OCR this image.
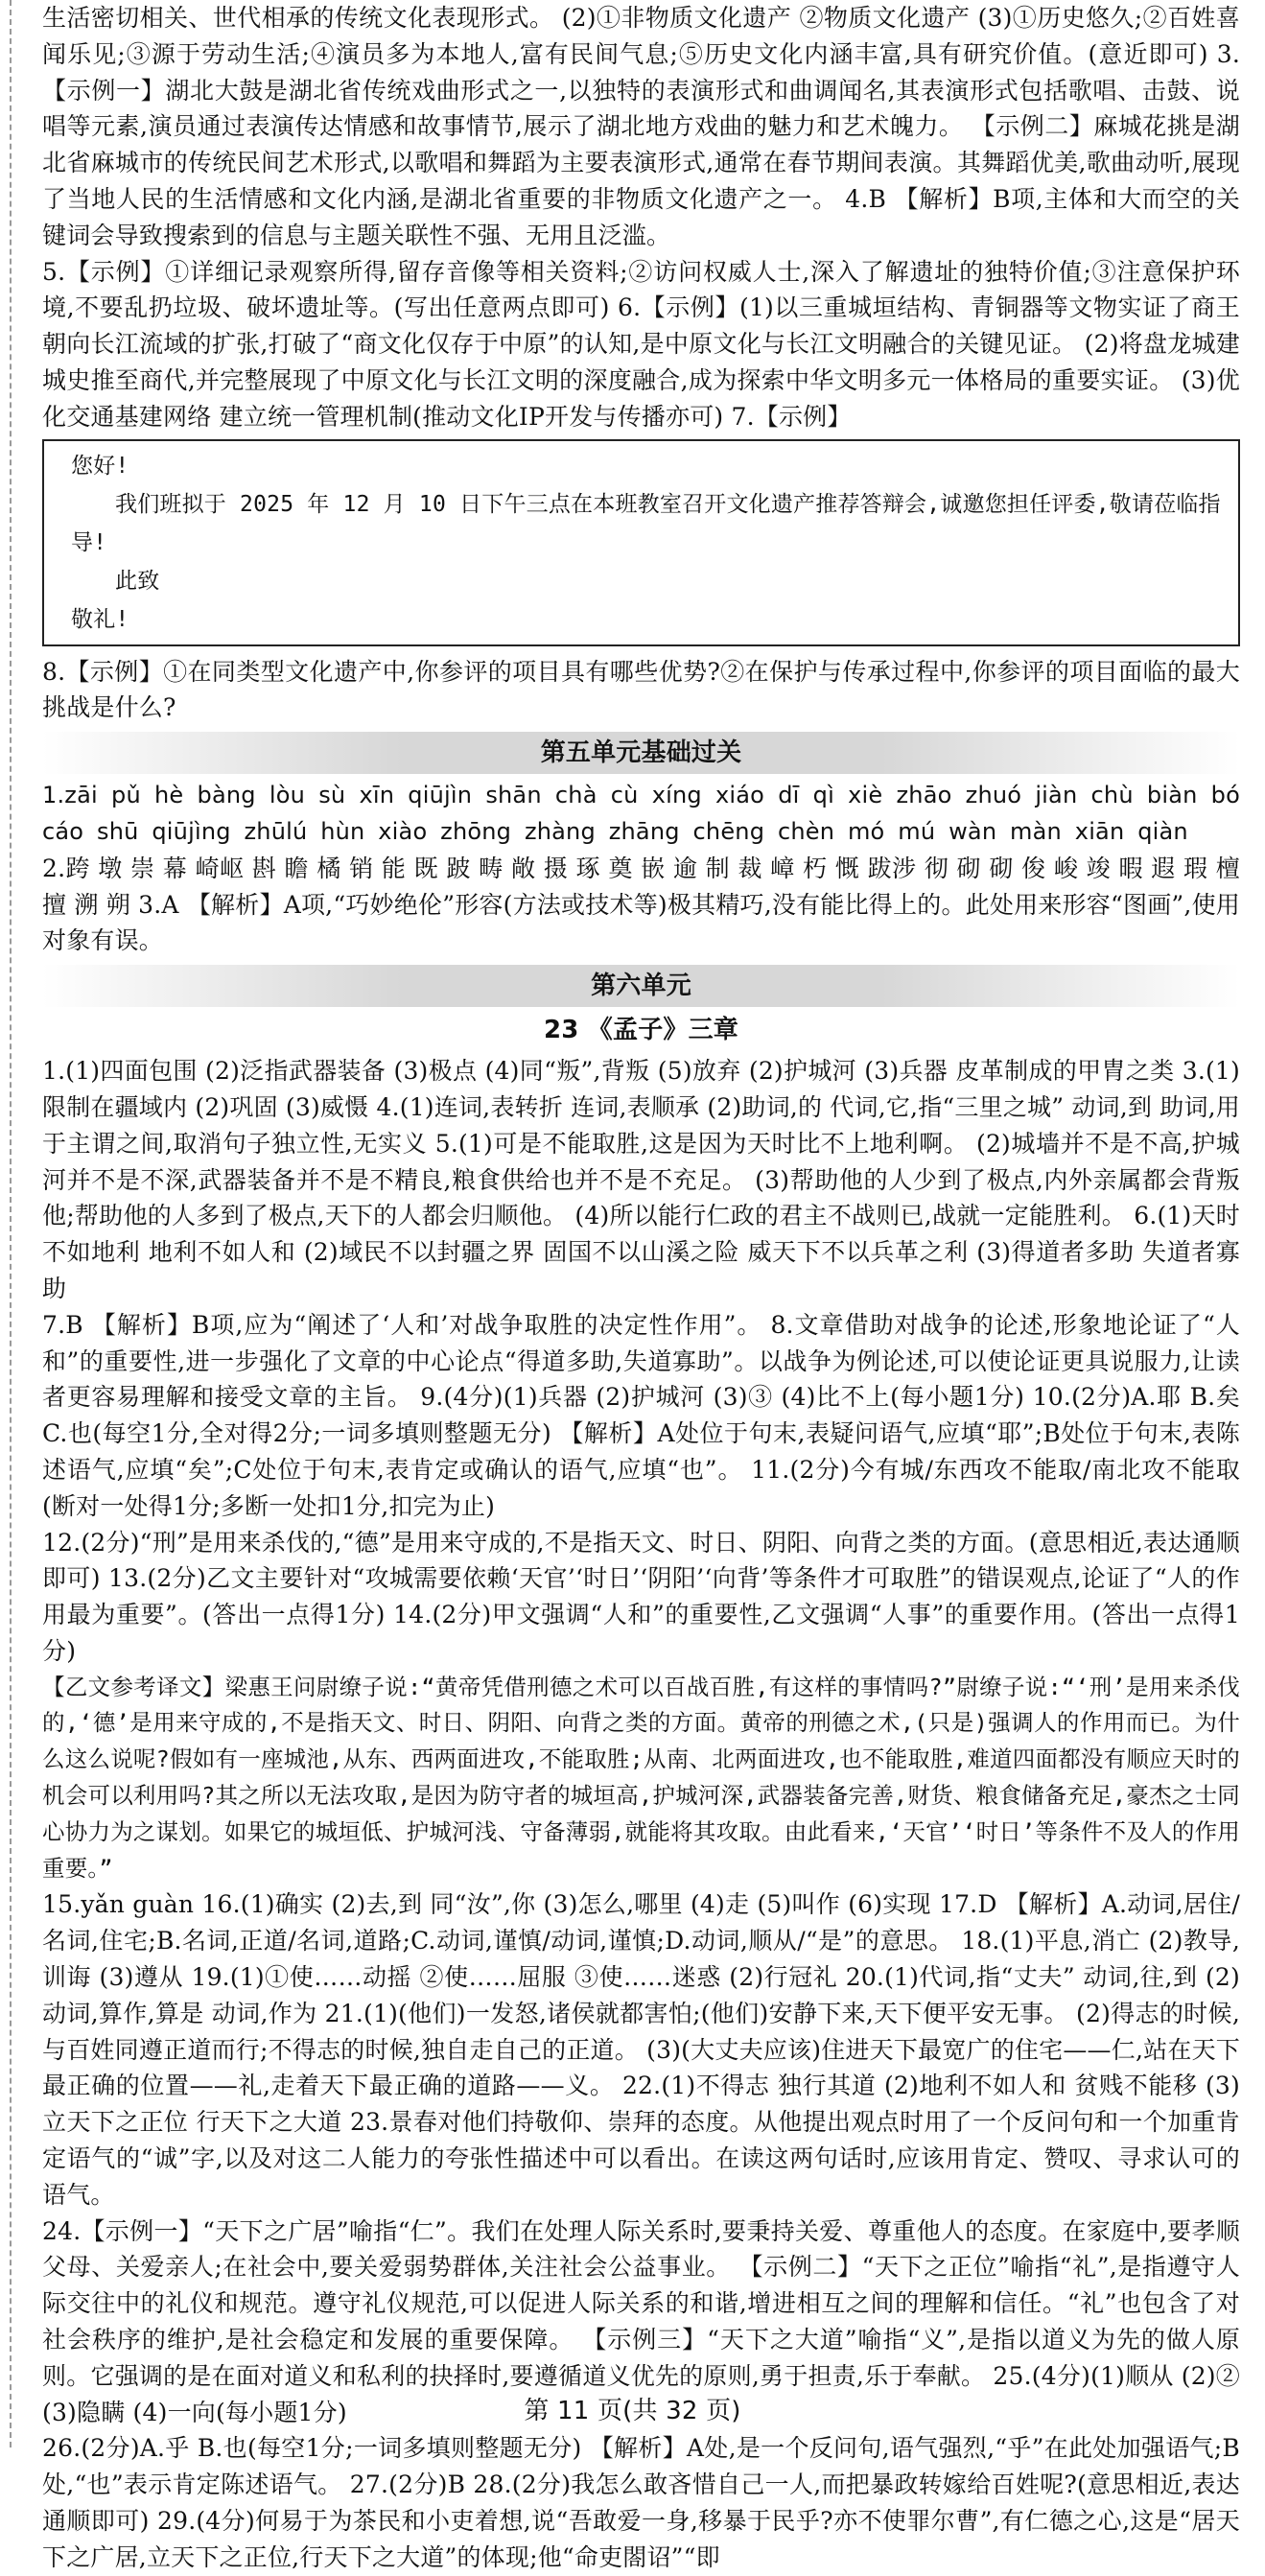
生活密切相关、世代相承的传统文化表现形式。 (2)①非物质文化遗产 ②物质文化遗产 (3)①历史悠久;②百姓喜闻乐见;③源于劳动生活;④演员多为本地人,富有民间气息;⑤历史文化内涵丰富,具有研究价值。(意近即可) 3.【示例一】湖北大鼓是湖北省传统戏曲形式之一,以独特的表演形式和曲调闻名,其表演形式包括歌唱、击鼓、说唱等元素,演员通过表演传达情感和故事情节,展示了湖北地方戏曲的魅力和艺术魄力。 【示例二】麻城花挑是湖北省麻城市的传统民间艺术形式,以歌唱和舞蹈为主要表演形式,通常在春节期间表演。其舞蹈优美,歌曲动听,展现了当地人民的生活情感和文化内涵,是湖北省重要的非物质文化遗产之一。 4.B 【解析】B项,主体和大而空的关键词会导致搜索到的信息与主题关联性不强、无用且泛滥。

5.【示例】①详细记录观察所得,留存音像等相关资料;②访问权威人士,深入了解遗址的独特价值;③注意保护环境,不要乱扔垃圾、破坏遗址等。(写出任意两点即可) 6.【示例】(1)以三重城垣结构、青铜器等文物实证了商王朝向长江流域的扩张,打破了“商文化仅存于中原”的认知,是中原文化与长江文明融合的关键见证。 (2)将盘龙城建城史推至商代,并完整展现了中原文化与长江文明的深度融合,成为探索中华文明多元一体格局的重要实证。 (3)优化交通基建网络 建立统一管理机制(推动文化IP开发与传播亦可) 7.【示例】

您好!
我们班拟于 2025 年 12 月 10 日下午三点在本班教室召开文化遗产推荐答辩会,诚邀您担任评委,敬请莅临指导!
此致
敬礼!

8.【示例】①在同类型文化遗产中,你参评的项目具有哪些优势?②在保护与传承过程中,你参评的项目面临的最大挑战是什么?

第五单元基础过关

1.zāi pǔ hè bàng lòu sù xīn qiūjìn shān chà cù xíng xiáo dī qì xiè zhāo zhuó jiàn chù biàn bó cáo shū qiūjìng zhūlú hùn xiào zhōng zhàng zhāng chēng chèn mó mú wàn màn xiān qiàn

2.跨 墩 崇 幕 崎岖 斟 瞻 橘 销 能 既 跛 畴 敞 摄 琢 奠 嵌 逾 制 裁 嶂 朽 慨 跋涉 彻 砌 砌 俊 峻 竣 暇 遐 瑕 檀 擅 溯 朔 3.A 【解析】A项,“巧妙绝伦”形容(方法或技术等)极其精巧,没有能比得上的。此处用来形容“图画”,使用对象有误。

第六单元
23 《孟子》三章

1.(1)四面包围 (2)泛指武器装备 (3)极点 (4)同“叛”,背叛 (5)放弃 (2)护城河 (3)兵器 皮革制成的甲胄之类 3.(1)限制在疆域内 (2)巩固 (3)威慑 4.(1)连词,表转折 连词,表顺承 (2)助词,的 代词,它,指“三里之城” 动词,到 助词,用于主谓之间,取消句子独立性,无实义 5.(1)可是不能取胜,这是因为天时比不上地利啊。 (2)城墙并不是不高,护城河并不是不深,武器装备并不是不精良,粮食供给也并不是不充足。 (3)帮助他的人少到了极点,内外亲属都会背叛他;帮助他的人多到了极点,天下的人都会归顺他。 (4)所以能行仁政的君主不战则已,战就一定能胜利。 6.(1)天时不如地利 地利不如人和 (2)域民不以封疆之界 固国不以山溪之险 威天下不以兵革之利 (3)得道者多助 失道者寡助

7.B 【解析】B项,应为“阐述了‘人和’对战争取胜的决定性作用”。 8.文章借助对战争的论述,形象地论证了“人和”的重要性,进一步强化了文章的中心论点“得道多助,失道寡助”。以战争为例论述,可以使论证更具说服力,让读者更容易理解和接受文章的主旨。 9.(4分)(1)兵器 (2)护城河 (3)③ (4)比不上(每小题1分) 10.(2分)A.耶 B.矣 C.也(每空1分,全对得2分;一词多填则整题无分) 【解析】A处位于句末,表疑问语气,应填“耶”;B处位于句末,表陈述语气,应填“矣”;C处位于句末,表肯定或确认的语气,应填“也”。 11.(2分)今有城/东西攻不能取/南北攻不能取(断对一处得1分;多断一处扣1分,扣完为止)

12.(2分)“刑”是用来杀伐的,“德”是用来守成的,不是指天文、时日、阴阳、向背之类的方面。(意思相近,表达通顺即可) 13.(2分)乙文主要针对“攻城需要依赖‘天官’‘时日’‘阴阳’‘向背’等条件才可取胜”的错误观点,论证了“人的作用最为重要”。(答出一点得1分) 14.(2分)甲文强调“人和”的重要性,乙文强调“人事”的重要作用。(答出一点得1分)

【乙文参考译文】梁惠王问尉缭子说:“黄帝凭借刑德之术可以百战百胜,有这样的事情吗?”尉缭子说:“‘刑’是用来杀伐的,‘德’是用来守成的,不是指天文、时日、阴阳、向背之类的方面。黄帝的刑德之术,(只是)强调人的作用而已。为什么这么说呢?假如有一座城池,从东、西两面进攻,不能取胜;从南、北两面进攻,也不能取胜,难道四面都没有顺应天时的机会可以利用吗?其之所以无法攻取,是因为防守者的城垣高,护城河深,武器装备完善,财货、粮食储备充足,豪杰之士同心协力为之谋划。如果它的城垣低、护城河浅、守备薄弱,就能将其攻取。由此看来,‘天官’‘时日’等条件不及人的作用重要。”

15.yǎn guàn 16.(1)确实 (2)去,到 同“汝”,你 (3)怎么,哪里 (4)走 (5)叫作 (6)实现 17.D 【解析】A.动词,居住/名词,住宅;B.名词,正道/名词,道路;C.动词,谨慎/动词,谨慎;D.动词,顺从/“是”的意思。 18.(1)平息,消亡 (2)教导,训诲 (3)遵从 19.(1)①使……动摇 ②使……屈服 ③使……迷惑 (2)行冠礼 20.(1)代词,指“丈夫” 动词,往,到 (2)动词,算作,算是 动词,作为 21.(1)(他们)一发怒,诸侯就都害怕;(他们)安静下来,天下便平安无事。 (2)得志的时候,与百姓同遵正道而行;不得志的时候,独自走自己的正道。 (3)(大丈夫应该)住进天下最宽广的住宅——仁,站在天下最正确的位置——礼,走着天下最正确的道路——义。 22.(1)不得志 独行其道 (2)地利不如人和 贫贱不能移 (3)立天下之正位 行天下之大道 23.景春对他们持敬仰、崇拜的态度。从他提出观点时用了一个反问句和一个加重肯定语气的“诚”字,以及对这二人能力的夸张性描述中可以看出。在读这两句话时,应该用肯定、赞叹、寻求认可的语气。

24.【示例一】“天下之广居”喻指“仁”。我们在处理人际关系时,要秉持关爱、尊重他人的态度。在家庭中,要孝顺父母、关爱亲人;在社会中,要关爱弱势群体,关注社会公益事业。 【示例二】“天下之正位”喻指“礼”,是指遵守人际交往中的礼仪和规范。遵守礼仪规范,可以促进人际关系的和谐,增进相互之间的理解和信任。“礼”也包含了对社会秩序的维护,是社会稳定和发展的重要保障。 【示例三】“天下之大道”喻指“义”,是指以道义为先的做人原则。它强调的是在面对道义和私利的抉择时,要遵循道义优先的原则,勇于担责,乐于奉献。 25.(4分)(1)顺从 (2)② (3)隐瞒 (4)一向(每小题1分)

26.(2分)A.乎 B.也(每空1分;一词多填则整题无分) 【解析】A处,是一个反问句,语气强烈,“乎”在此处加强语气;B处,“也”表示肯定陈述语气。 27.(2分)B 28.(2分)我怎么敢吝惜自己一人,而把暴政转嫁给百姓呢?(意思相近,表达通顺即可) 29.(4分)何易于为茶民和小吏着想,说“吾敢爱一身,移暴于民乎?亦不使罪尔曹”,有仁德之心,这是“居天下之广居,立天下之正位,行天下之大道”的体现;他“命吏閤诏”“即

第 11 页(共 32 页)
